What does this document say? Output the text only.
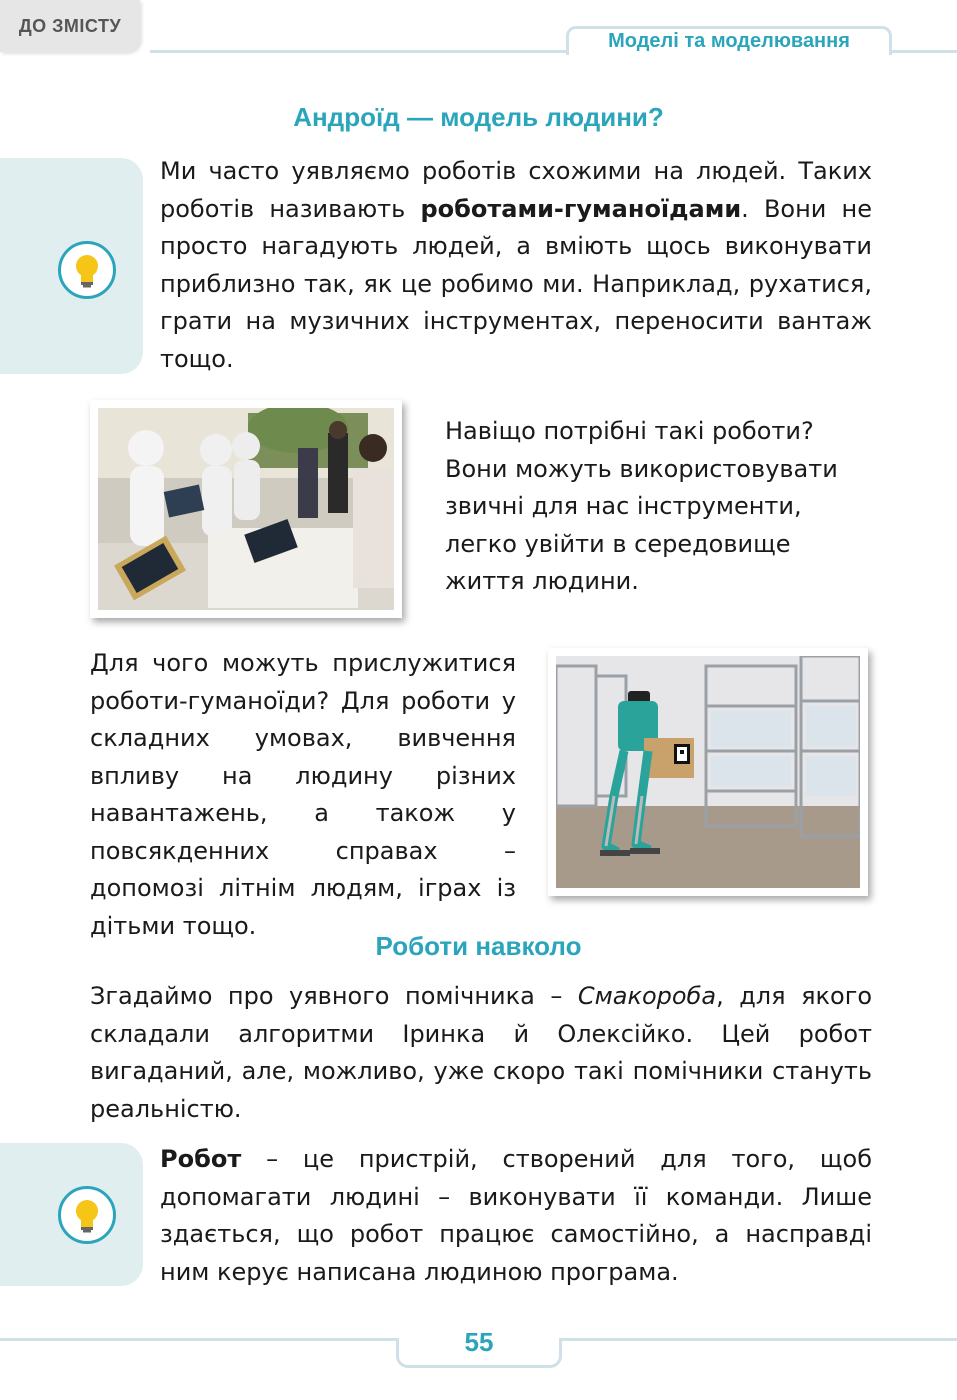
ДО ЗМІСТУ
Моделі та моделювання
Андроїд — модель людини?

Ми часто уявляємо роботів схожими на людей. Таких роботів називають роботами-гуманоїдами. Вони не просто нагадують людей, а вміють щось виконувати приблизно так, як це робимо ми. Наприклад, рухатися, грати на музичних інструментах, переносити вантаж тощо.

Навіщо потрібні такі роботи? Вони можуть використовувати звичні для нас інструменти, легко увійти в середовище життя людини.

Для чого можуть прислужитися роботи-гуманоїди? Для роботи у складних умовах, вивчення впливу на людину різних навантажень, а також у повсякденних справах – допомозі літнім людям, іграх із дітьми тощо.

Роботи навколо

Згадаймо про уявного помічника – Смакороба, для якого складали алгоритми Іринка й Олексійко. Цей робот вигаданий, але, можливо, уже скоро такі помічники стануть реальністю.

Робот – це пристрій, створений для того, щоб допомагати людині – виконувати її команди. Лише здається, що робот працює самостійно, а насправді ним керує написана людиною програма.

55
